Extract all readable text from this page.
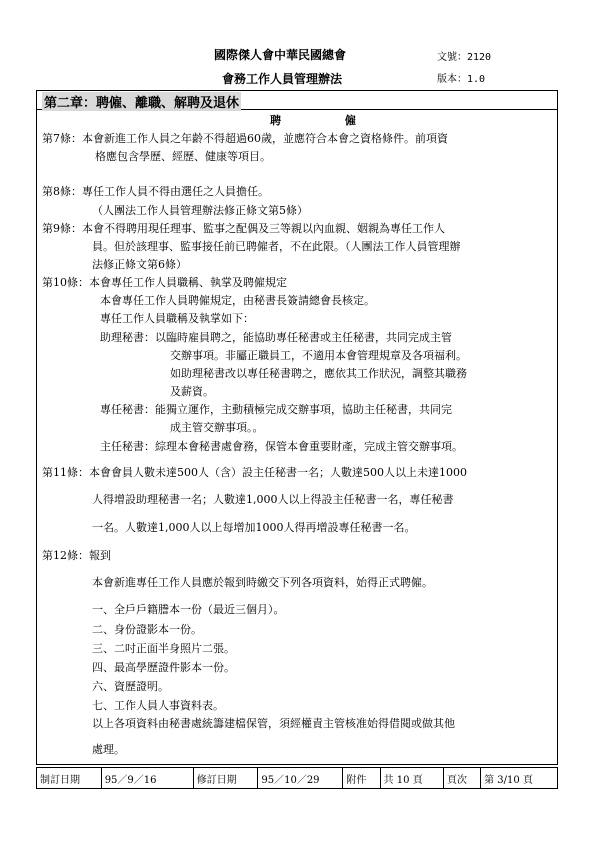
國際傑人會中華民國總會
會務工作人員管理辦法
文號：2120
版本：1.0
第二章：聘僱、離職、解聘及退休
聘 僱
第7條：本會新進工作人員之年齡不得超過60歲，並應符合本會之資格條件。前項資
格應包含學歷、經歷、健康等項目。
第8條：專任工作人員不得由選任之人員擔任。
（人團法工作人員管理辦法修正條文第5條）
第9條：本會不得聘用現任理事、監事之配偶及三等親以內血親、姻親為專任工作人
員。但於該理事、監事接任前已聘僱者，不在此限。（人團法工作人員管理辦
法修正條文第6條）
第10條：本會專任工作人員職稱、執掌及聘僱規定
本會專任工作人員聘僱規定，由秘書長簽請總會長核定。
專任工作人員職稱及執掌如下：
助理秘書：以臨時雇員聘之，能協助專任秘書或主任秘書，共同完成主管
交辦事項。非屬正職員工，不適用本會管理規章及各項福利。
如助理秘書改以專任秘書聘之，應依其工作狀況，調整其職務
及薪資。
專任秘書：能獨立運作，主動積極完成交辦事項，協助主任秘書，共同完
成主管交辦事項。。
主任秘書：綜理本會秘書處會務，保管本會重要財產，完成主管交辦事項。
第11條：本會會員人數未達500人（含）設主任秘書一名；人數達500人以上未達1000
人得增設助理秘書一名；人數達1,000人以上得設主任秘書一名，專任秘書
一名。人數達1,000人以上每增加1000人得再增設專任秘書一名。
第12條：報到
本會新進專任工作人員應於報到時繳交下列各項資料，始得正式聘僱。
一、全戶戶籍謄本一份（最近三個月）。
二、身份證影本一份。
三、二吋正面半身照片二張。
四、最高學歷證件影本一份。
六、資歷證明。
七、工作人員人事資料表。
以上各項資料由秘書處統籌建檔保管，須經權責主管核准始得借閱或做其他
處理。
制訂日期	95／9／16	修訂日期	95／10／29	附件	共 10 頁	頁次	第 3/10 頁
